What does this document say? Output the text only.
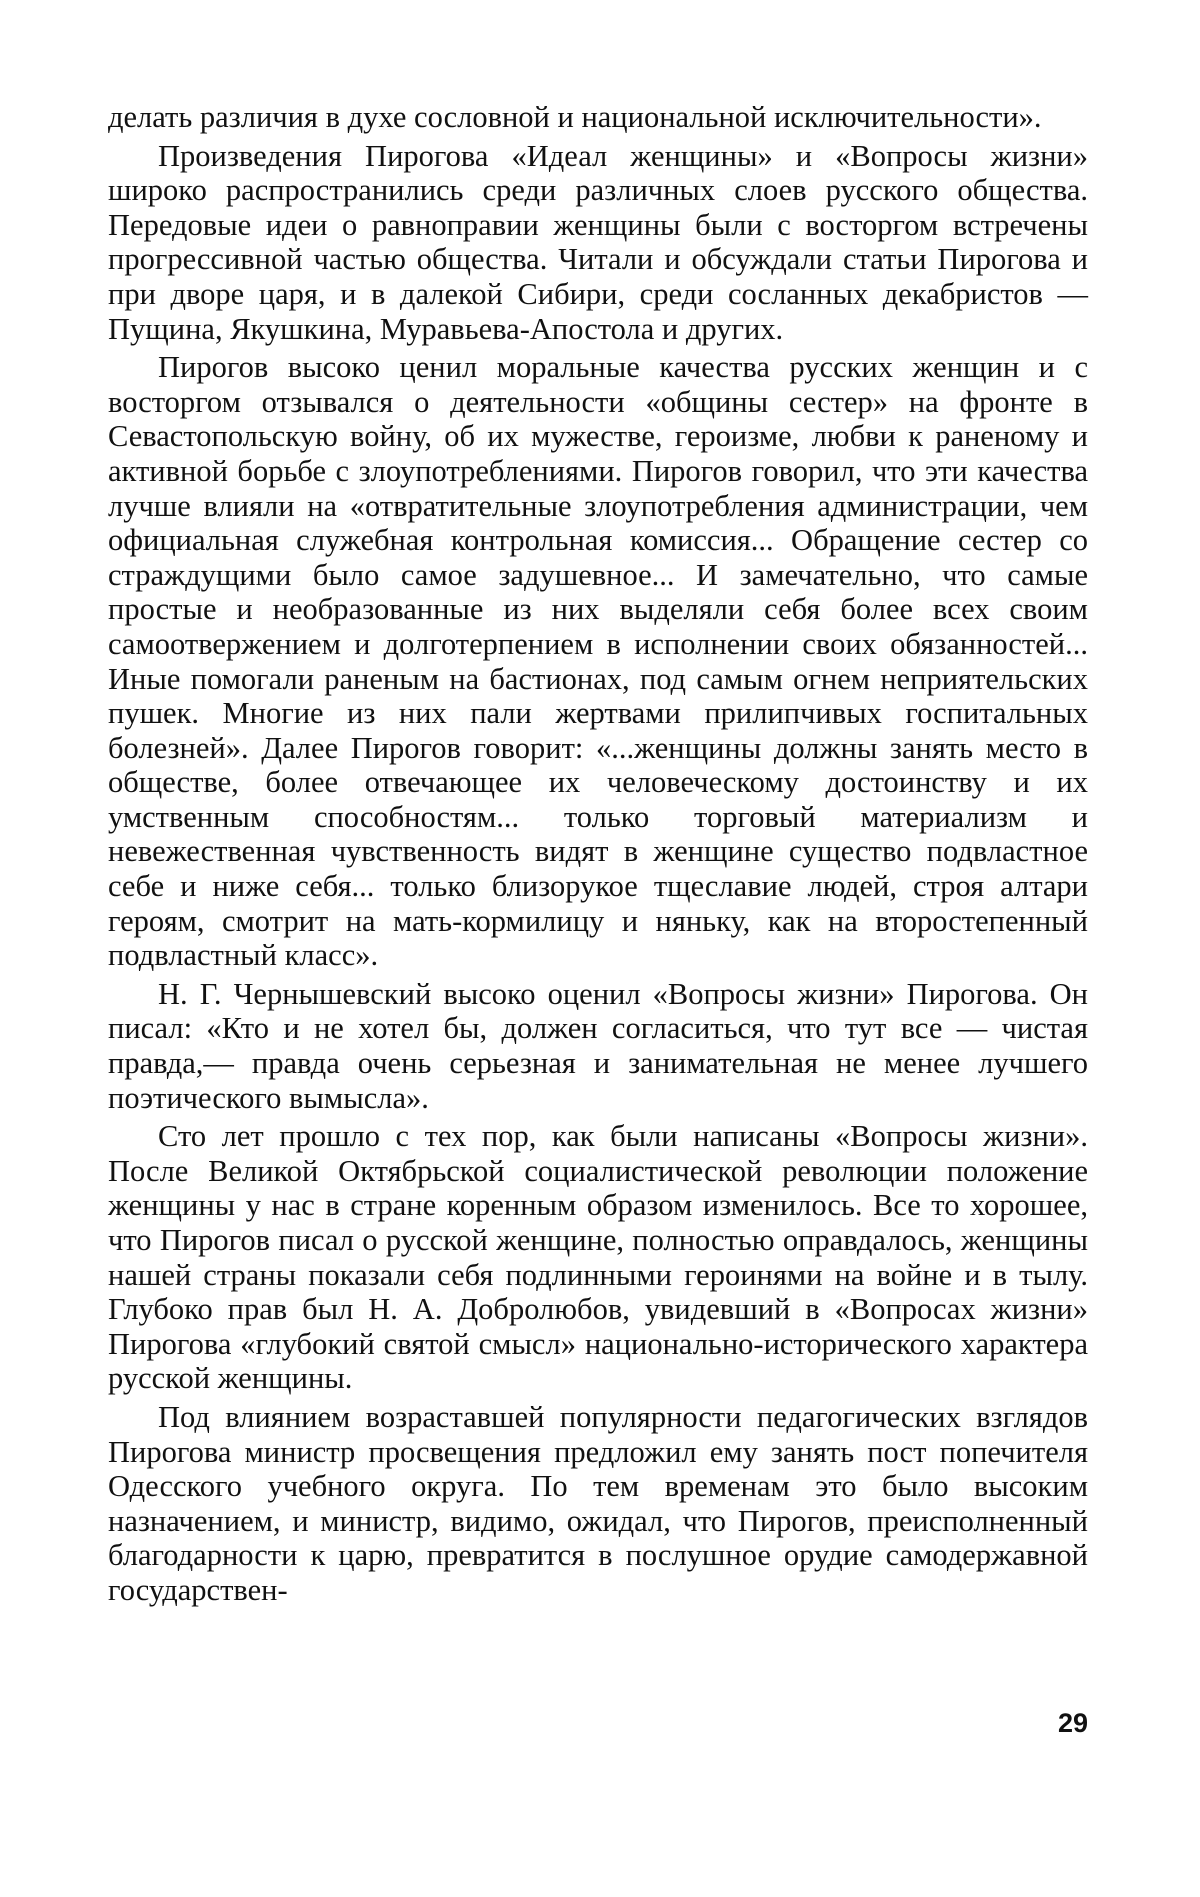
делать различия в духе сословной и национальной исключительности».

Произведения Пирогова «Идеал женщины» и «Вопросы жизни» широко распространились среди различных слоев русского общества. Передовые идеи о равноправии женщины были с восторгом встречены прогрессивной частью общества. Читали и обсуждали статьи Пирогова и при дворе царя, и в далекой Сибири, среди сосланных декабристов — Пущина, Якушкина, Муравьева-Апостола и других.

Пирогов высоко ценил моральные качества русских женщин и с восторгом отзывался о деятельности «общины сестер» на фронте в Севастопольскую войну, об их мужестве, героизме, любви к раненому и активной борьбе с злоупотреблениями. Пирогов говорил, что эти качества лучше влияли на «отвратительные злоупотребления администрации, чем официальная служебная контрольная комиссия... Обращение сестер со страждущими было самое задушевное... И замечательно, что самые простые и необразованные из них выделяли себя более всех своим самоотвержением и долготерпением в исполнении своих обязанностей... Иные помогали раненым на бастионах, под самым огнем неприятельских пушек. Многие из них пали жертвами прилипчивых госпитальных болезней». Далее Пирогов говорит: «...женщины должны занять место в обществе, более отвечающее их человеческому достоинству и их умственным способностям... только торговый материализм и невежественная чувственность видят в женщине существо подвластное себе и ниже себя... только близорукое тщеславие людей, строя алтари героям, смотрит на мать-кормилицу и няньку, как на второстепенный подвластный класс».

Н. Г. Чернышевский высоко оценил «Вопросы жизни» Пирогова. Он писал: «Кто и не хотел бы, должен согласиться, что тут все — чистая правда,— правда очень серьезная и занимательная не менее лучшего поэтического вымысла».

Сто лет прошло с тех пор, как были написаны «Вопросы жизни». После Великой Октябрьской социалистической революции положение женщины у нас в стране коренным образом изменилось. Все то хорошее, что Пирогов писал о русской женщине, полностью оправдалось, женщины нашей страны показали себя подлинными героинями на войне и в тылу. Глубоко прав был Н. А. Добролюбов, увидевший в «Вопросах жизни» Пирогова «глубокий святой смысл» национально-исторического характера русской женщины.

Под влиянием возраставшей популярности педагогических взглядов Пирогова министр просвещения предложил ему занять пост попечителя Одесского учебного округа. По тем временам это было высоким назначением, и министр, видимо, ожидал, что Пирогов, преисполненный благодарности к царю, превратится в послушное орудие самодержавной государствен-

29
